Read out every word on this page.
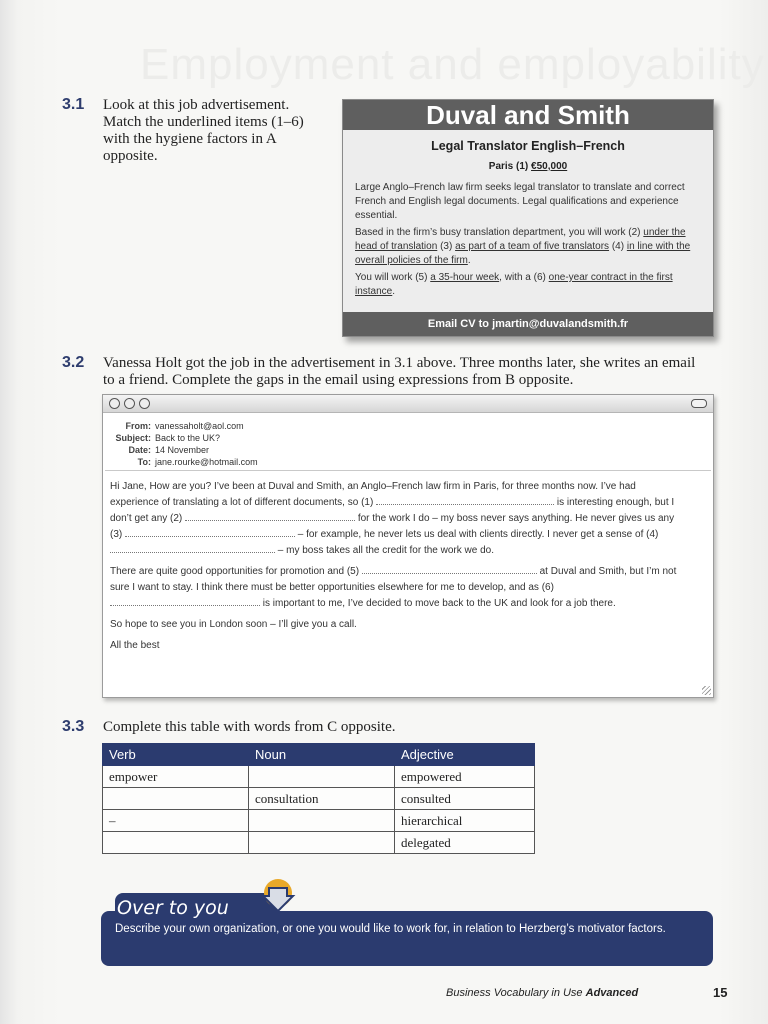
Employment and employability
3.1 Look at this job advertisement. Match the underlined items (1–6) with the hygiene factors in A opposite.
Duval and Smith
Legal Translator English–French
Paris (1) €50,000

Large Anglo–French law firm seeks legal translator to translate and correct French and English legal documents. Legal qualifications and experience essential.

Based in the firm’s busy translation department, you will work (2) under the head of translation (3) as part of a team of five translators (4) in line with the overall policies of the firm.

You will work (5) a 35-hour week, with a (6) one-year contract in the first instance.

Email CV to jmartin@duvalandsmith.fr
3.2 Vanessa Holt got the job in the advertisement in 3.1 above. Three months later, she writes an email to a friend. Complete the gaps in the email using expressions from B opposite.
From: vanessaholt@aol.com
Subject: Back to the UK?
Date: 14 November
To: jane.rourke@hotmail.com

Hi Jane, How are you? I’ve been at Duval and Smith, an Anglo–French law firm in Paris, for three months now. I’ve had experience of translating a lot of different documents, so (1)	is interesting enough, but I don’t get any (2)	for the work I do – my boss never says anything. He never gives us any (3)	– for example, he never lets us deal with clients directly. I never get a sense of (4)  – my boss takes all the credit for the work we do.

There are quite good opportunities for promotion and (5)	at Duval and Smith, but I’m not sure I want to stay. I think there must be better opportunities elsewhere for me to develop, and as (6)  is important to me, I’ve decided to move back to the UK and look for a job there.

So hope to see you in London soon – I’ll give you a call.

All the best

3.3 Complete this table with words from C opposite.
Verb	Noun	Adjective
empower		empowered
	consultation	consulted
–		hierarchical
		delegated
Describe your own organization, or one you would like to work for, in relation to Herzberg’s motivator factors.
Over to you
Business Vocabulary in Use Advanced	15
